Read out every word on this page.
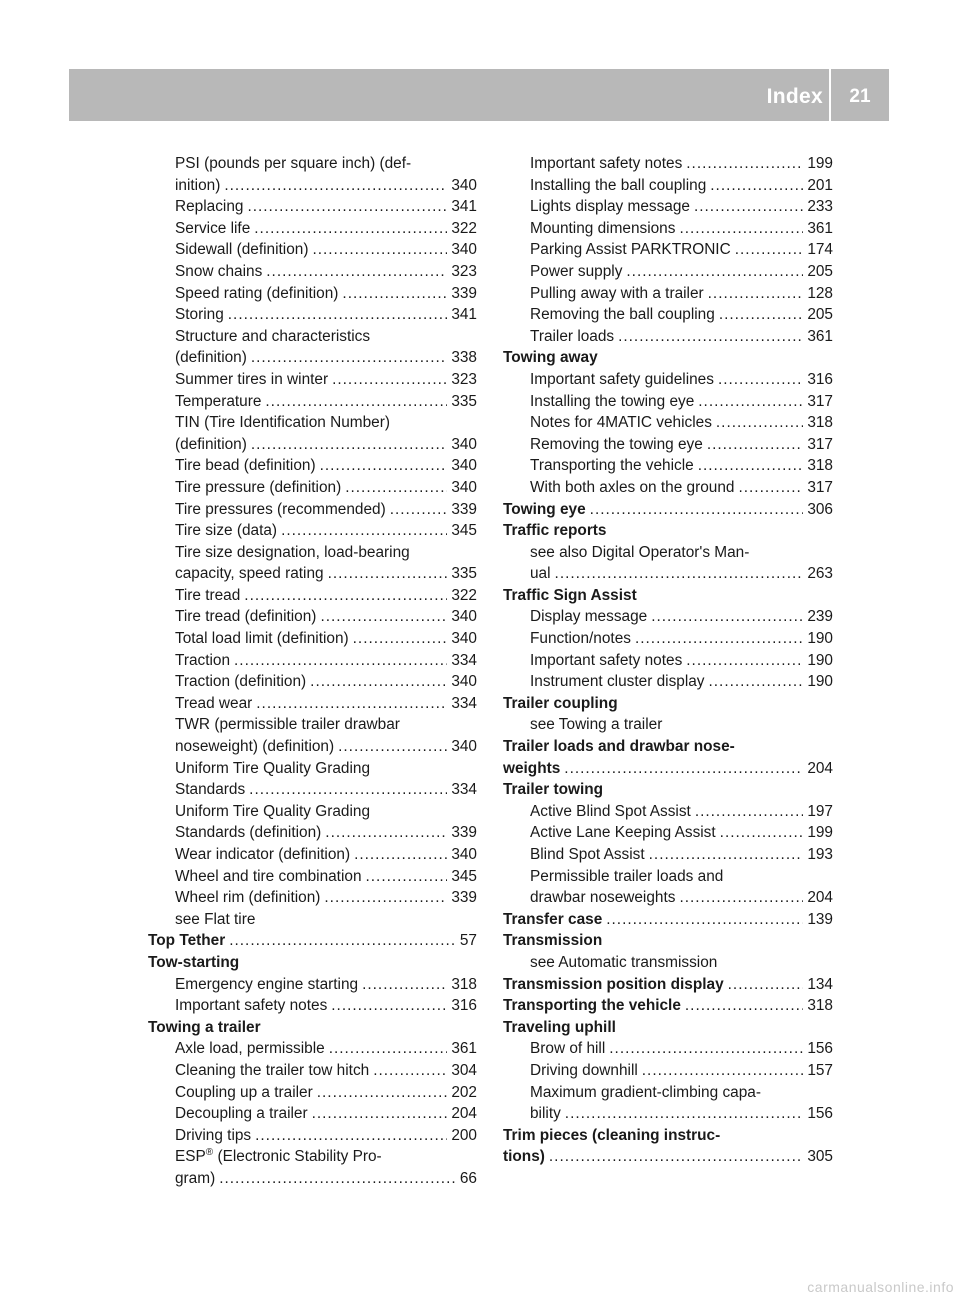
Index	21
PSI (pounds per square inch) (def-
inition) .....	340
Replacing .....	341
Service life .....	322
Sidewall (definition) .....	340
Snow chains .....	323
Speed rating (definition) .....	339
Storing .....	341
Structure and characteristics
(definition) .....	338
Summer tires in winter .....	323
Temperature .....	335
TIN (Tire Identification Number)
(definition) .....	340
Tire bead (definition) .....	340
Tire pressure (definition) .....	340
Tire pressures (recommended) .....	339
Tire size (data) .....	345
Tire size designation, load-bearing
capacity, speed rating .....	335
Tire tread .....	322
Tire tread (definition) .....	340
Total load limit (definition) .....	340
Traction .....	334
Traction (definition) .....	340
Tread wear .....	334
TWR (permissible trailer drawbar
noseweight) (definition) .....	340
Uniform Tire Quality Grading
Standards .....	334
Uniform Tire Quality Grading
Standards (definition) .....	339
Wear indicator (definition) .....	340
Wheel and tire combination .....	345
Wheel rim (definition) .....	339
see Flat tire
Top Tether .....	57
Tow-starting
Emergency engine starting .....	318
Important safety notes .....	316
Towing a trailer
Axle load, permissible .....	361
Cleaning the trailer tow hitch .....	304
Coupling up a trailer .....	202
Decoupling a trailer .....	204
Driving tips .....	200
ESP® (Electronic Stability Pro-
gram) .....	66
Important safety notes .....	199
Installing the ball coupling .....	201
Lights display message .....	233
Mounting dimensions .....	361
Parking Assist PARKTRONIC .....	174
Power supply .....	205
Pulling away with a trailer .....	128
Removing the ball coupling .....	205
Trailer loads .....	361
Towing away
Important safety guidelines .....	316
Installing the towing eye .....	317
Notes for 4MATIC vehicles .....	318
Removing the towing eye .....	317
Transporting the vehicle .....	318
With both axles on the ground .....	317
Towing eye .....	306
Traffic reports
see also Digital Operator's Man-
ual .....	263
Traffic Sign Assist
Display message .....	239
Function/notes .....	190
Important safety notes .....	190
Instrument cluster display .....	190
Trailer coupling
see Towing a trailer
Trailer loads and drawbar nose-
weights .....	204
Trailer towing
Active Blind Spot Assist .....	197
Active Lane Keeping Assist .....	199
Blind Spot Assist .....	193
Permissible trailer loads and
drawbar noseweights .....	204
Transfer case .....	139
Transmission
see Automatic transmission
Transmission position display .....	134
Transporting the vehicle .....	318
Traveling uphill
Brow of hill .....	156
Driving downhill .....	157
Maximum gradient-climbing capa-
bility .....	156
Trim pieces (cleaning instruc-
tions) .....	305
carmanualsonline.info
